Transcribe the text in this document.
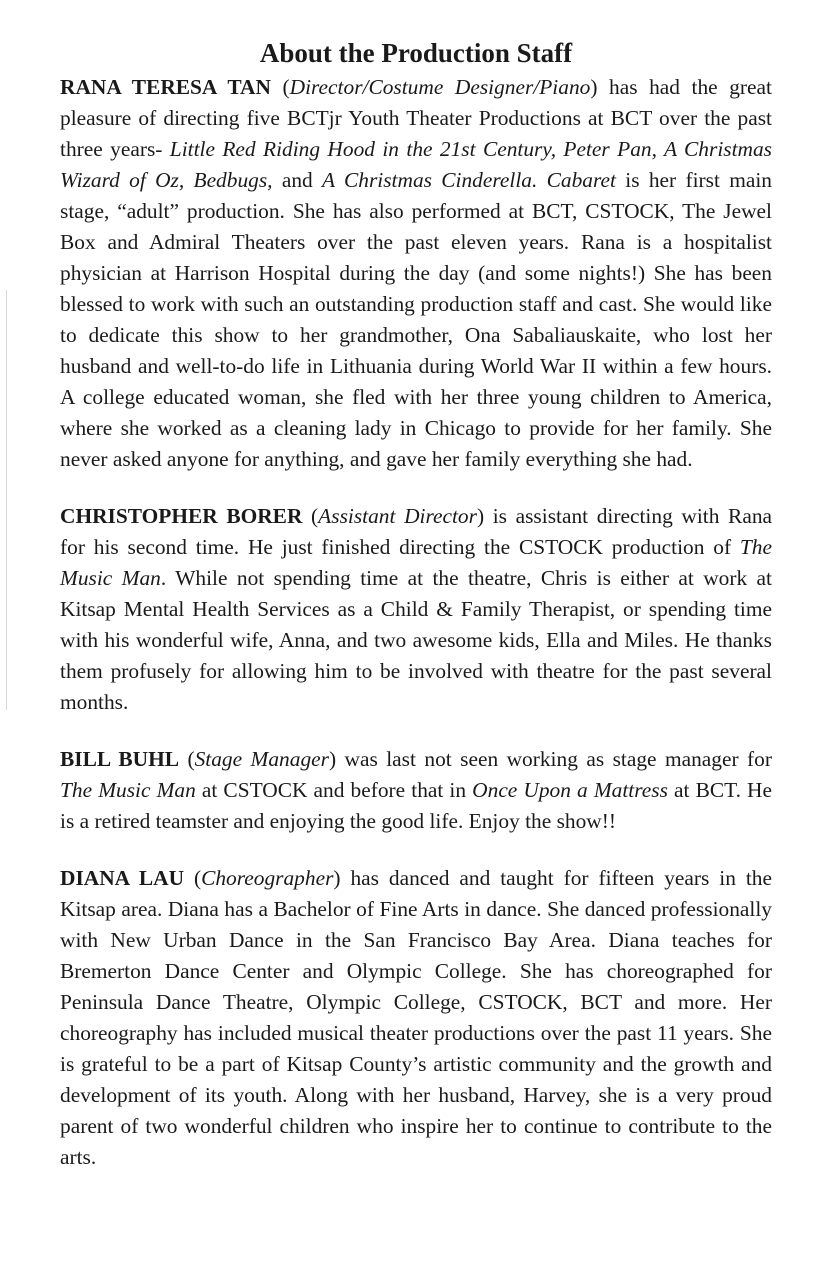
About the Production Staff

RANA TERESA TAN (Director/Costume Designer/Piano) has had the great pleasure of directing five BCTjr Youth Theater Productions at BCT over the past three years- Little Red Riding Hood in the 21st Century, Peter Pan, A Christmas Wizard of Oz, Bedbugs, and A Christmas Cinderella. Cabaret is her first main stage, “adult” production. She has also performed at BCT, CSTOCK, The Jewel Box and Admiral Theaters over the past eleven years. Rana is a hospitalist physician at Harrison Hospital during the day (and some nights!) She has been blessed to work with such an outstanding production staff and cast. She would like to dedicate this show to her grandmother, Ona Sabaliauskaite, who lost her husband and well-to-do life in Lithuania during World War II within a few hours. A college educated woman, she fled with her three young children to America, where she worked as a cleaning lady in Chicago to provide for her family. She never asked anyone for anything, and gave her family everything she had.

CHRISTOPHER BORER (Assistant Director) is assistant directing with Rana for his second time. He just finished directing the CSTOCK production of The Music Man. While not spending time at the theatre, Chris is either at work at Kitsap Mental Health Services as a Child & Family Therapist, or spending time with his wonderful wife, Anna, and two awesome kids, Ella and Miles. He thanks them profusely for allowing him to be involved with theatre for the past several months.

BILL BUHL (Stage Manager) was last not seen working as stage manager for The Music Man at CSTOCK and before that in Once Upon a Mattress at BCT. He is a retired teamster and enjoying the good life. Enjoy the show!!

DIANA LAU (Choreographer) has danced and taught for fifteen years in the Kitsap area. Diana has a Bachelor of Fine Arts in dance. She danced professionally with New Urban Dance in the San Francisco Bay Area. Diana teaches for Bremerton Dance Center and Olympic College. She has choreographed for Peninsula Dance Theatre, Olympic College, CSTOCK, BCT and more. Her choreography has included musical theater productions over the past 11 years. She is grateful to be a part of Kitsap County’s artistic community and the growth and development of its youth. Along with her husband, Harvey, she is a very proud parent of two wonderful children who inspire her to continue to contribute to the arts.
